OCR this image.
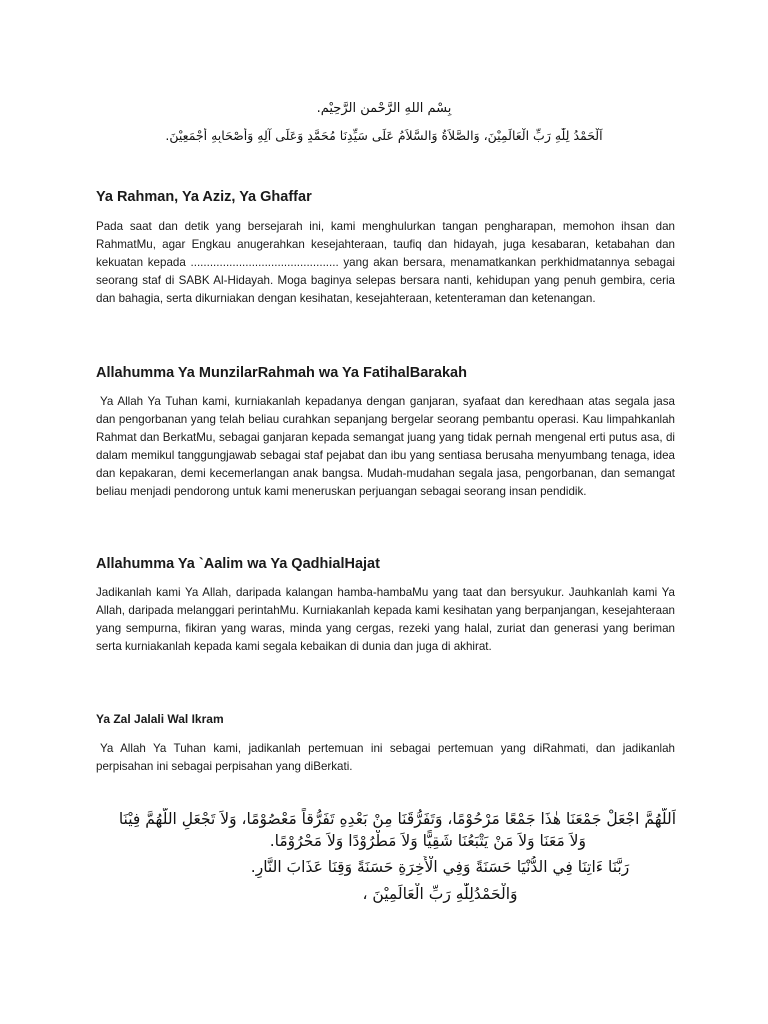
بِسْمِ اللهِ الرَّحْمنِ الرَّحِيْمِ.
اَلْحَمْدُ لِلّٰهِ رَبِّ الْعَالَمِيْنَ، وَالصَّلاَةُ وَالسَّلاَمُ عَلَى سَيِّدِنَا مُحَمَّدٍ وَعَلَى آلِهِ وَأَصْحَابِهِ أَجْمَعِيْنَ.
Ya Rahman, Ya Aziz, Ya Ghaffar
Pada saat dan detik yang bersejarah ini, kami menghulurkan tangan pengharapan, memohon ihsan dan RahmatMu, agar Engkau anugerahkan kesejahteraan, taufiq dan hidayah, juga kesabaran, ketabahan dan kekuatan kepada .............................................. yang akan bersara, menamatkankan perkhidmatannya sebagai seorang staf di SABK Al-Hidayah. Moga baginya selepas bersara nanti, kehidupan yang penuh gembira, ceria dan bahagia, serta dikurniakan dengan kesihatan, kesejahteraan, ketenteraman dan ketenangan.
Allahumma Ya MunzilarRahmah wa Ya FatihalBarakah
Ya Allah Ya Tuhan kami, kurniakanlah kepadanya dengan ganjaran, syafaat dan keredhaan atas segala jasa dan pengorbanan yang telah beliau curahkan sepanjang bergelar seorang pembantu operasi. Kau limpahkanlah Rahmat dan BerkatMu, sebagai ganjaran kepada semangat juang yang tidak pernah mengenal erti putus asa, di dalam memikul tanggungjawab sebagai staf pejabat dan ibu yang sentiasa berusaha menyumbang tenaga, idea dan kepakaran, demi kecemerlangan anak bangsa. Mudah-mudahan segala jasa, pengorbanan, dan semangat beliau menjadi pendorong untuk kami meneruskan perjuangan sebagai seorang insan pendidik.
Allahumma Ya `Aalim wa Ya QadhialHajat
Jadikanlah kami Ya Allah, daripada kalangan hamba-hambaMu yang taat dan bersyukur. Jauhkanlah kami Ya Allah, daripada melanggari perintahMu. Kurniakanlah kepada kami kesihatan yang berpanjangan, kesejahteraan yang sempurna, fikiran yang waras, minda yang cergas, rezeki yang halal, zuriat dan generasi yang beriman serta kurniakanlah kepada kami segala kebaikan di dunia dan juga di akhirat.
Ya Zal Jalali Wal Ikram
Ya Allah Ya Tuhan kami, jadikanlah pertemuan ini sebagai pertemuan yang diRahmati, dan jadikanlah perpisahan ini sebagai perpisahan yang diBerkati.
اَللَّهُمَّ اجْعَلْ جَمْعَنَا هٰذَا جَمْعًا مَرْحُوْمًا، وَتَفَرُّقَنَا مِنْ بَعْدِهِ تَفَرُّقاً مَعْصُوْمًا، وَلاَ تَجْعَلِ اللَّهُمَّ فِيْنَا
وَلاَ مَعَنَا وَلاَ مَنْ يَتْبَعُنَا شَقِيًّا وَلاَ مَطْرُوْدًا وَلاَ مَحْرُوْمًا.
رَبَّنَا ءَاتِنَا فِي الدُّنْيَا حَسَنَةً وَفِي الْأَخِرَةِ حَسَنَةً وَقِنَا عَذَابَ النَّارِ.
وَالْحَمْدُلِلّٰهِ رَبِّ الْعَالَمِيْنَ ،
